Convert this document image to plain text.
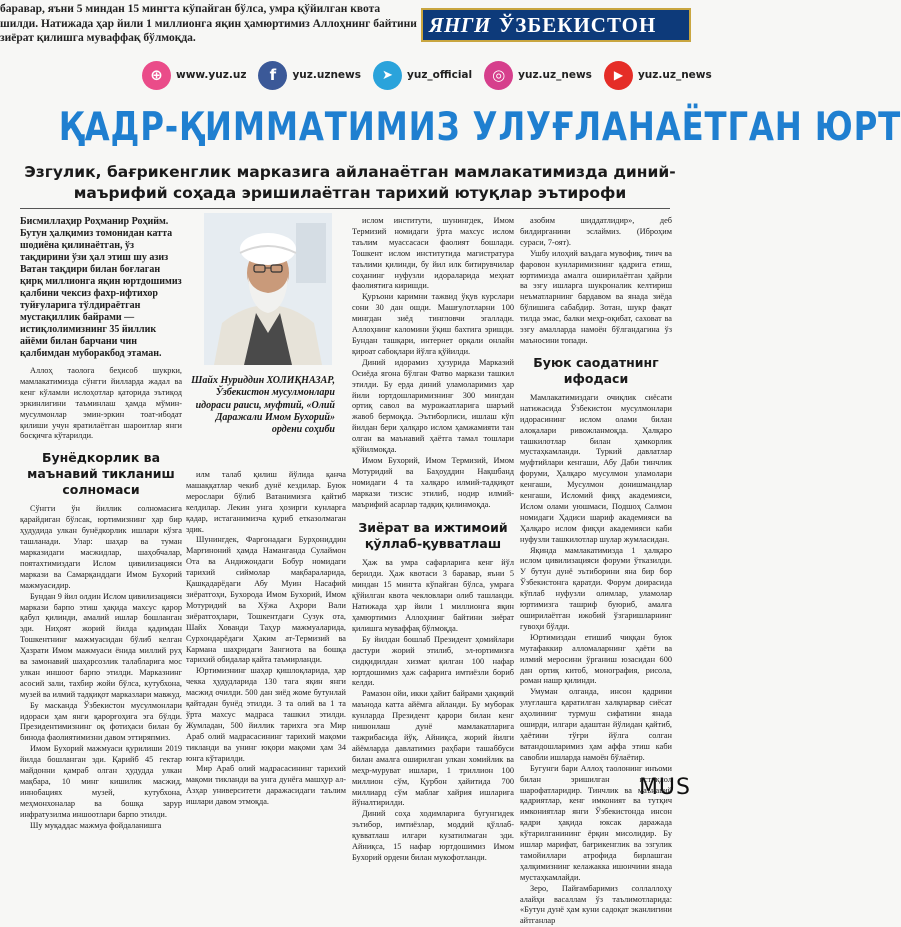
баравар, яъни 5 миндан 15 мингта кўпайган бўлса, умра қўйилган квота шилди. Натижада ҳар йили 1 миллионга яқин ҳамюртимиз Аллоҳнинг байтини зиёрат қилишга муваффақ бўлмоқда.
ЯНГИ ЎЗБЕКИСТОН
⊕	www.yuz.uz	f	yuz.uznews	➤	yuz_official	◎	yuz.uz_news	▶	yuz.uz_news
ҚАДР-ҚИММАТИМИЗ УЛУҒЛАНАЁТГАН ЮРТ
Эзгулик, бағрикенглик марказига айланаётган мамлакатимизда диний-маърифий соҳада эришилаётган тарихий ютуқлар эътирофи
Бисмиллаҳир Роҳманир Роҳийм. Бутун ҳалқимиз томонидан катта шодиёна қилинаётган, ўз тақдирини ўзи ҳал этиш шу азиз Ватан тақдири билан боғлаган қирқ миллионга яқин юртдошимиз қалбини чексиз фахр-ифтихор туйғуларига тўлдираётган мустақиллик байрами — истиқлолимизнинг 35 йиллик айёми билан барчани чин қалбимдан муборакбод этаман.

Аллоҳ таолога беҳисоб шукрки, мамлакатимизда сўнгги йилларда жадал ва кенг кўламли ислоҳотлар қаторида эътиқод эркинлигини таъминлаш ҳамда мўмин-мусулмонлар эмин-эркин тоат-ибодат қилиши учун яратилаётган шароитлар янги босқичга кўтарилди.

Бунёдкорлик ва маънавий тикланиш солномаси

Сўнгги ўн йиллик солномасига қарайдиган бўлсак, юртимизнинг ҳар бир ҳудудида улкан бунёдкорлик ишлари кўзга ташланади. Улар: шаҳар ва туман марказидаги масжидлар, шаҳобчалар, поятахтимиздаги Ислом цивилизацияси маркази ва Самарқанддаги Имом Бухорий мажмуасидир.

Бундан 9 йил олдин Ислом цивилизацияси маркази барпо этиш ҳақида махсус қарор қабул қилинди, амалий ишлар бошланган эди. Ниҳоят жорий йилда қадимдан Тошкентнинг мажмуасидан бўлиб келган Ҳазрати Имом мажмуаси ёнида миллий руҳ ва замонавий шаҳарсозлик талабларига мос улкан иншоот барпо этилди. Марказнинг асосий зали, тахбир жойи бўлса, кутубхона, музей ва илмий тадқиқот марказлари мавжуд.

Бу масканда Ўзбекистон мусулмонлари идораси ҳам янги қарорғоҳига эга бўлди. Президентимизнинг оқ фотиҳаси билан бу бинода фаолиятимизни давом эттиряпмиз.

Имом Бухорий мажмуаси қурилиши 2019 йилда бошланган эди. Қарийб 45 гектар майдонни қамраб олган ҳудудда улкан мақбара, 10 минг кишилик масжид, иннобациях музей, кутубхона, меҳмонхоналар ва бошқа зарур инфратузилма иншоотлари барпо этилди.

Шу муқаддас мажмуа фойдаланишга

Шайх Нуриддин ХОЛИҚНАЗАР,
Ўзбекистон мусулмонлари идораси раиси, муфтий, «Олий Даражали Имом Бухорий» ордени соҳиби

илм талаб қилиш йўлида қанча машаққатлар чекиб дунё кездилар. Буюк мерослари бўлиб Ватанимизга қайтиб келдилар. Лекин унга ҳозирги кунларга қадар, истаганимизча қуриб етказолмаган эдик.

Шунингдек, Фарғонадаги Бурҳониддин Марғиноний ҳамда Наманганда Сулаймон Ота ва Андижондаги Бобур номидаги тарихий сиймолар мақбараларида, Қашқадарёдаги Абу Муин Насафий зиёратгоҳи, Бухорода Имом Бухорий, Имом Мотуридий ва Хўжа Аҳрори Вали зиёратгоҳлари, Тошкентдаги Сузук ота, Шайх Хованди Таҳур мажмуаларида, Сурхондарёдаги Ҳаким ат-Термизий ва Кармана шаҳридаги Зангиота ва бошқа тарихий обидалар қайта таъмирланди.

Юртимизнинг шаҳар қишлоқларида, ҳар чекка ҳудудларида 130 тага яқин янги масжид очилди. 500 дан зиёд жоме бутунлай қайтадан бунёд этилди. 3 та олий ва 1 та ўрта махсус мадраса ташкил этилди. Жумладан, 500 йиллик тарихга эга Мир Араб олий мадрасасининг тарихий мақоми тикланди ва унинг юқори мақоми ҳам 34 юнга кўтарилди.

Мир Араб олий мадрасасининг тарихий мақоми тикланди ва унга дунёга машҳур ал-Азҳар университети даражасидаги таълим ишлари давом этмоқда.

ислом институти, шунингдек, Имом Термизий номидаги ўрта махсус ислом таълим муассасаси фаолият бошлади. Тошкент ислом институтида магистратура таълими қилинди, бу йил илк битирувчилар соҳанинг нуфузли идораларида меҳнат фаолиятига киришди.

Қуръони каримни тажвид ўқув курслари сони 30 дан ошди. Машғулотларни 100 мингдан зиёд тингловчи эгаллади. Аллоҳнинг каломини ўқиш бахтига эришди. Бундан ташқари, интернет орқали онлайн қироат сабоқлари йўлга қўйилди.

Диний идорамиз ҳузурида Марказий Осиёда ягона бўлган Фатво маркази ташкил этилди. Бу ерда диний уламоларимиз ҳар йили юртдошларимизнинг 300 мингдан ортиқ савол ва мурожаатларига шаръий жавоб бермоқда. Эътиборлиси, ишлаш кўп йилдан бери ҳалқаро ислом ҳамжамияти тан олган ва маънавий ҳаётга тамал тошлари қўйилмоқда.

Имом Бухорий, Имом Термизий, Имом Мотуридий ва Баҳоуддин Нақшбанд номидаги 4 та халқаро илмий-тадқиқот маркази тизсис этилиб, нодир илмий-маърифий асарлар тадқиқ қилинмоқда.

Зиёрат ва ижтимоий қўллаб-қувватлаш

Ҳаж ва умра сафарларига кенг йўл берилди. Ҳаж квотаси 3 баравар, яъни 5 миндан 15 мингта кўпайган бўлса, умрага қўйилган квота чекловлари олиб ташланди. Натижада ҳар йили 1 миллионга яқин ҳамюртимиз Аллоҳнинг байтини зиёрат қилишга муваффақ бўлмоқда.

Бу йилдан бошлаб Президент ҳомийлари дастури жорий этилиб, эл-юртимизга сидқидилдан хизмат қилган 100 нафар юртдошимиз ҳаж сафарига имтиёзли бориб келди.

Рамазон ойи, икки ҳайит байрами ҳақиқий маънода катта айёмга айланди. Бу муборак кунларда Президент қарори билан кенг нишонлаш дунё мамлакатларига тажрибасида йўқ. Айниқса, жорий йилги айёмларда давлатимиз раҳбари ташаббуси билан амалга оширилган улкан хомийлик ва меҳр-муруват ишлари, 1 триллион 100 миллион сўм, Қурбон ҳайитида 700 миллиард сўм маблағ хайрия ишларига йўналтирилди.

Диний соҳа ходимларига бугунгидек эътибор, имтиёзлар, моддий қўллаб-қувватлаш илгари кузатилмаган эди. Айниқса, 15 нафар юртдошимиз Имом Бухорий ордени билан мукофотланди.

азобим шиддатлидир», деб билдирганини эслаймиз. (Иброҳим сураси, 7-оят).

Ушбу илоҳий ваъдага мувофиқ, тинч ва фаровон кунларимизнинг қадрига етиш, юртимизда амалга оширилаётган ҳайрли ва эзгу ишларга шукроналик келтириш неъматларнинг бардавом ва янада зиёда бўлишига сабабдир. Зотан, шукр фақат тилда эмас, балки меҳр-оқибат, саховат ва эзгу амалларда намоён бўлгандагина ўз маъносини топади.

Буюк саодатнинг ифодаси

Мамлакатимиздаги очиқлик сиёсати натижасида Ўзбекистон мусулмонлари идорасининг ислом олами билан алоқалари ривожланмоқда. Ҳалқаро ташкилотлар билан ҳамкорлик мустаҳкамланди. Туркий давлатлар муфтийлари кенгаши, Абу Даби тинчлик форуми, Ҳалқаро мусулмон уламолари кенгаши, Мусулмон донишмандлар кенгаши, Исломий фиқҳ академияси, Ислом олами уюшмаси, Подшоҳ Салмон номидаги Ҳадиси шариф академияси ва Ҳалқаро ислом фиқҳи академияси каби нуфузли ташкилотлар шулар жумласидан.

Яқинда мамлакатимизда 1 ҳалқаро ислом цивилизацияси форуми ўтказилди. У бутун дунё эътиборини яна бир бор Ўзбекистонга қаратди. Форум доирасида кўплаб нуфузли олимлар, уламолар юртимизга ташриф буюриб, амалга оширилаётган ижобий ўзгаришларнинг гувоҳи бўлди.

Юртимиздан етишиб чиққан буюк мутафаккир алломаларнинг ҳаёти ва илмий меросини ўрганиш юзасидан 600 дан ортиқ китоб, монография, рисола, роман нашр қилинди.

Умуман олганда, инсон қадрини улуғлашга қаратилган халқпарвар сиёсат аҳолининг турмуш сифатини янада оширди, илгари адаштан йўлидан қайтиб, ҳаётини тўғри йўлга солган ватандошларимиз ҳам аффа этиш каби савобли ишларда намоён бўлаётир.

Бугунги бари Аллоҳ таолонинг инъоми билан эришилган истиқлол шарофатларидир. Тинчлик ва маънавий қадриятлар, кенг имконият ва тутқич имкониятлар янги Ўзбекистонда инсон қадри ҳақида юксак даражада кўтарилганининг ёрқин мисолидир. Бу ишлар марифат, бағрикенглик ва эзгулик тамойиллари атрофида бирлашган ҳалқимизнинг келажакка ишончини янада мустаҳкамлайди.

Зеро, Пайғамбаримиз соллаллоҳу алайҳи васаллам ўз таълимотларида: «Бутун дунё ҳам куни садоқат эканлигини айтганлар

MUS
